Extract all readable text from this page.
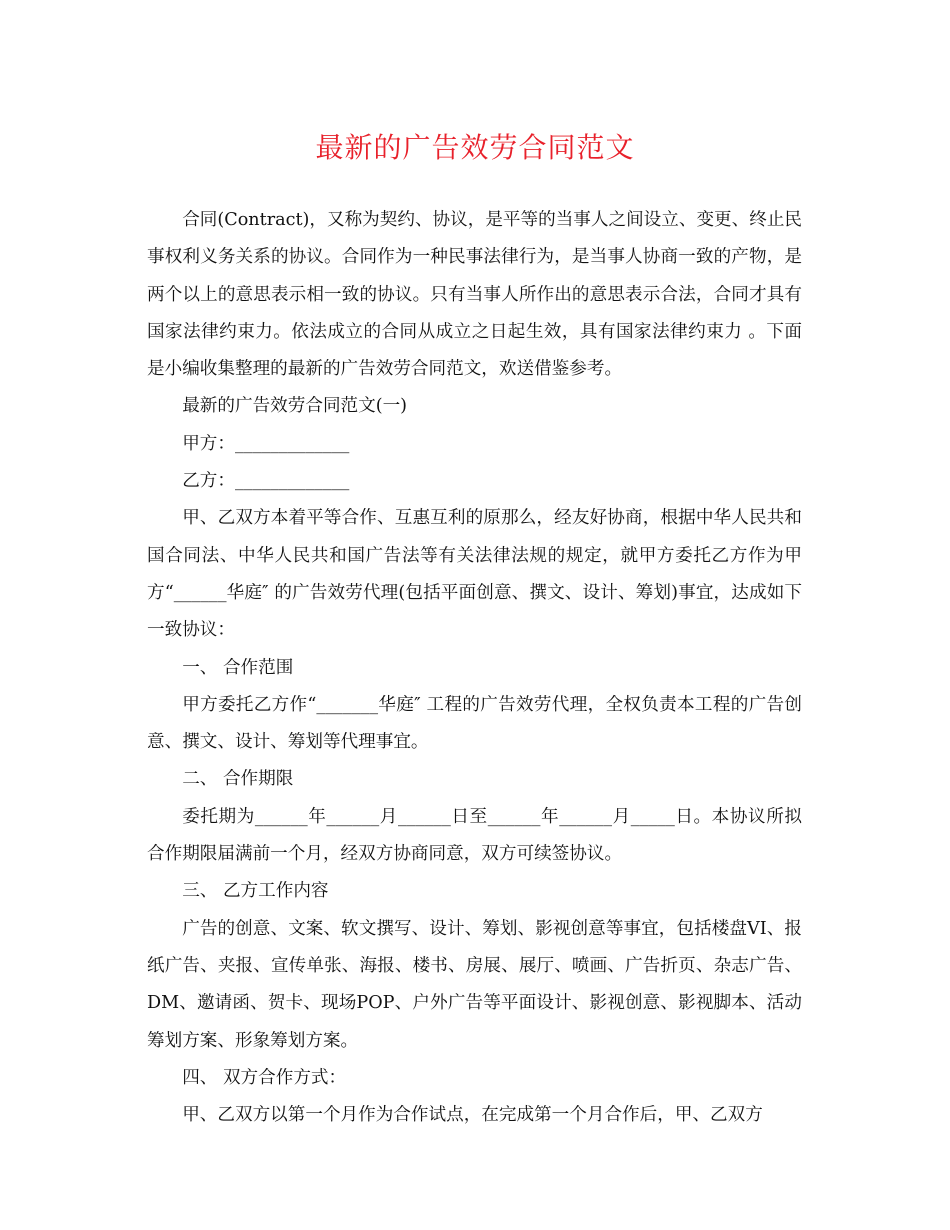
最新的广告效劳合同范文

合同(Contract)，又称为契约、协议，是平等的当事人之间设立、变更、终止民事权利义务关系的协议。合同作为一种民事法律行为，是当事人协商一致的产物，是两个以上的意思表示相一致的协议。只有当事人所作出的意思表示合法，合同才具有国家法律约束力。依法成立的合同从成立之日起生效，具有国家法律约束力 。下面是小编收集整理的最新的广告效劳合同范文，欢送借鉴参考。

最新的广告效劳合同范文(一)

甲方：_____________

乙方：_____________

甲、乙双方本着平等合作、互惠互利的原那么，经友好协商，根据中华人民共和国合同法、中华人民共和国广告法等有关法律法规的规定，就甲方委托乙方作为甲方“______华庭″ 的广告效劳代理(包括平面创意、撰文、设计、筹划)事宜，达成如下一致协议：

一、 合作范围

甲方委托乙方作“_______华庭″ 工程的广告效劳代理，全权负责本工程的广告创意、撰文、设计、筹划等代理事宜。

二、 合作期限

委托期为______年______月______日至______年______月_____日。本协议所拟合作期限届满前一个月，经双方协商同意，双方可续签协议。

三、 乙方工作内容

广告的创意、文案、软文撰写、设计、筹划、影视创意等事宜，包括楼盘VI、报纸广告、夹报、宣传单张、海报、楼书、房展、展厅、喷画、广告折页、杂志广告、DM、邀请函、贺卡、现场POP、户外广告等平面设计、影视创意、影视脚本、活动筹划方案、形象筹划方案。

四、 双方合作方式：

甲、乙双方以第一个月作为合作试点，在完成第一个月合作后，甲、乙双方
